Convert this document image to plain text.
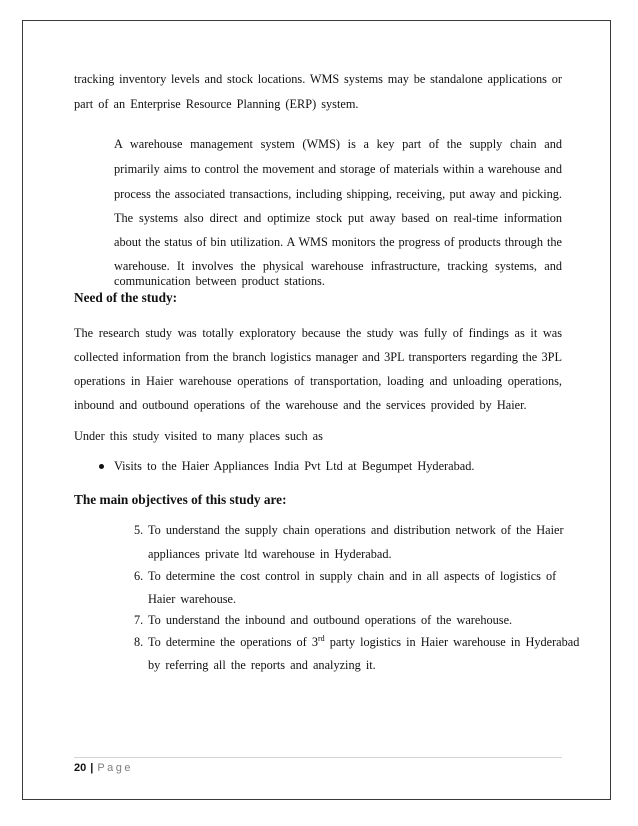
tracking inventory levels and stock locations. WMS systems may be standalone applications or
part of an Enterprise Resource Planning (ERP) system.
A warehouse management system (WMS) is a key part of the supply chain and
primarily aims to control the movement and storage of materials within a warehouse and
process the associated transactions, including shipping, receiving, put away and picking.
The systems also direct and optimize stock put away based on real-time information
about the status of bin utilization. A WMS monitors the progress of products through the
warehouse. It involves the physical warehouse infrastructure, tracking systems, and
communication between product stations.
Need of the study:
The research study was totally exploratory because the study was fully of findings as it was
collected information from the branch logistics manager and 3PL transporters regarding the 3PL
operations in Haier warehouse operations of transportation, loading and unloading operations,
inbound and outbound operations of the warehouse and the services provided by Haier.
Under this study visited to many places such as
Visits to the Haier Appliances India Pvt Ltd at Begumpet Hyderabad.
The main objectives of this study are:
5. To understand the supply chain operations and distribution network of the Haier
appliances private ltd warehouse in Hyderabad.
6. To determine the cost control in supply chain and in all aspects of logistics of
Haier warehouse.
7. To understand the inbound and outbound operations of the warehouse.
8. To determine the operations of 3rd party logistics in Haier warehouse in Hyderabad
by referring all the reports and analyzing it.
20 | Page
